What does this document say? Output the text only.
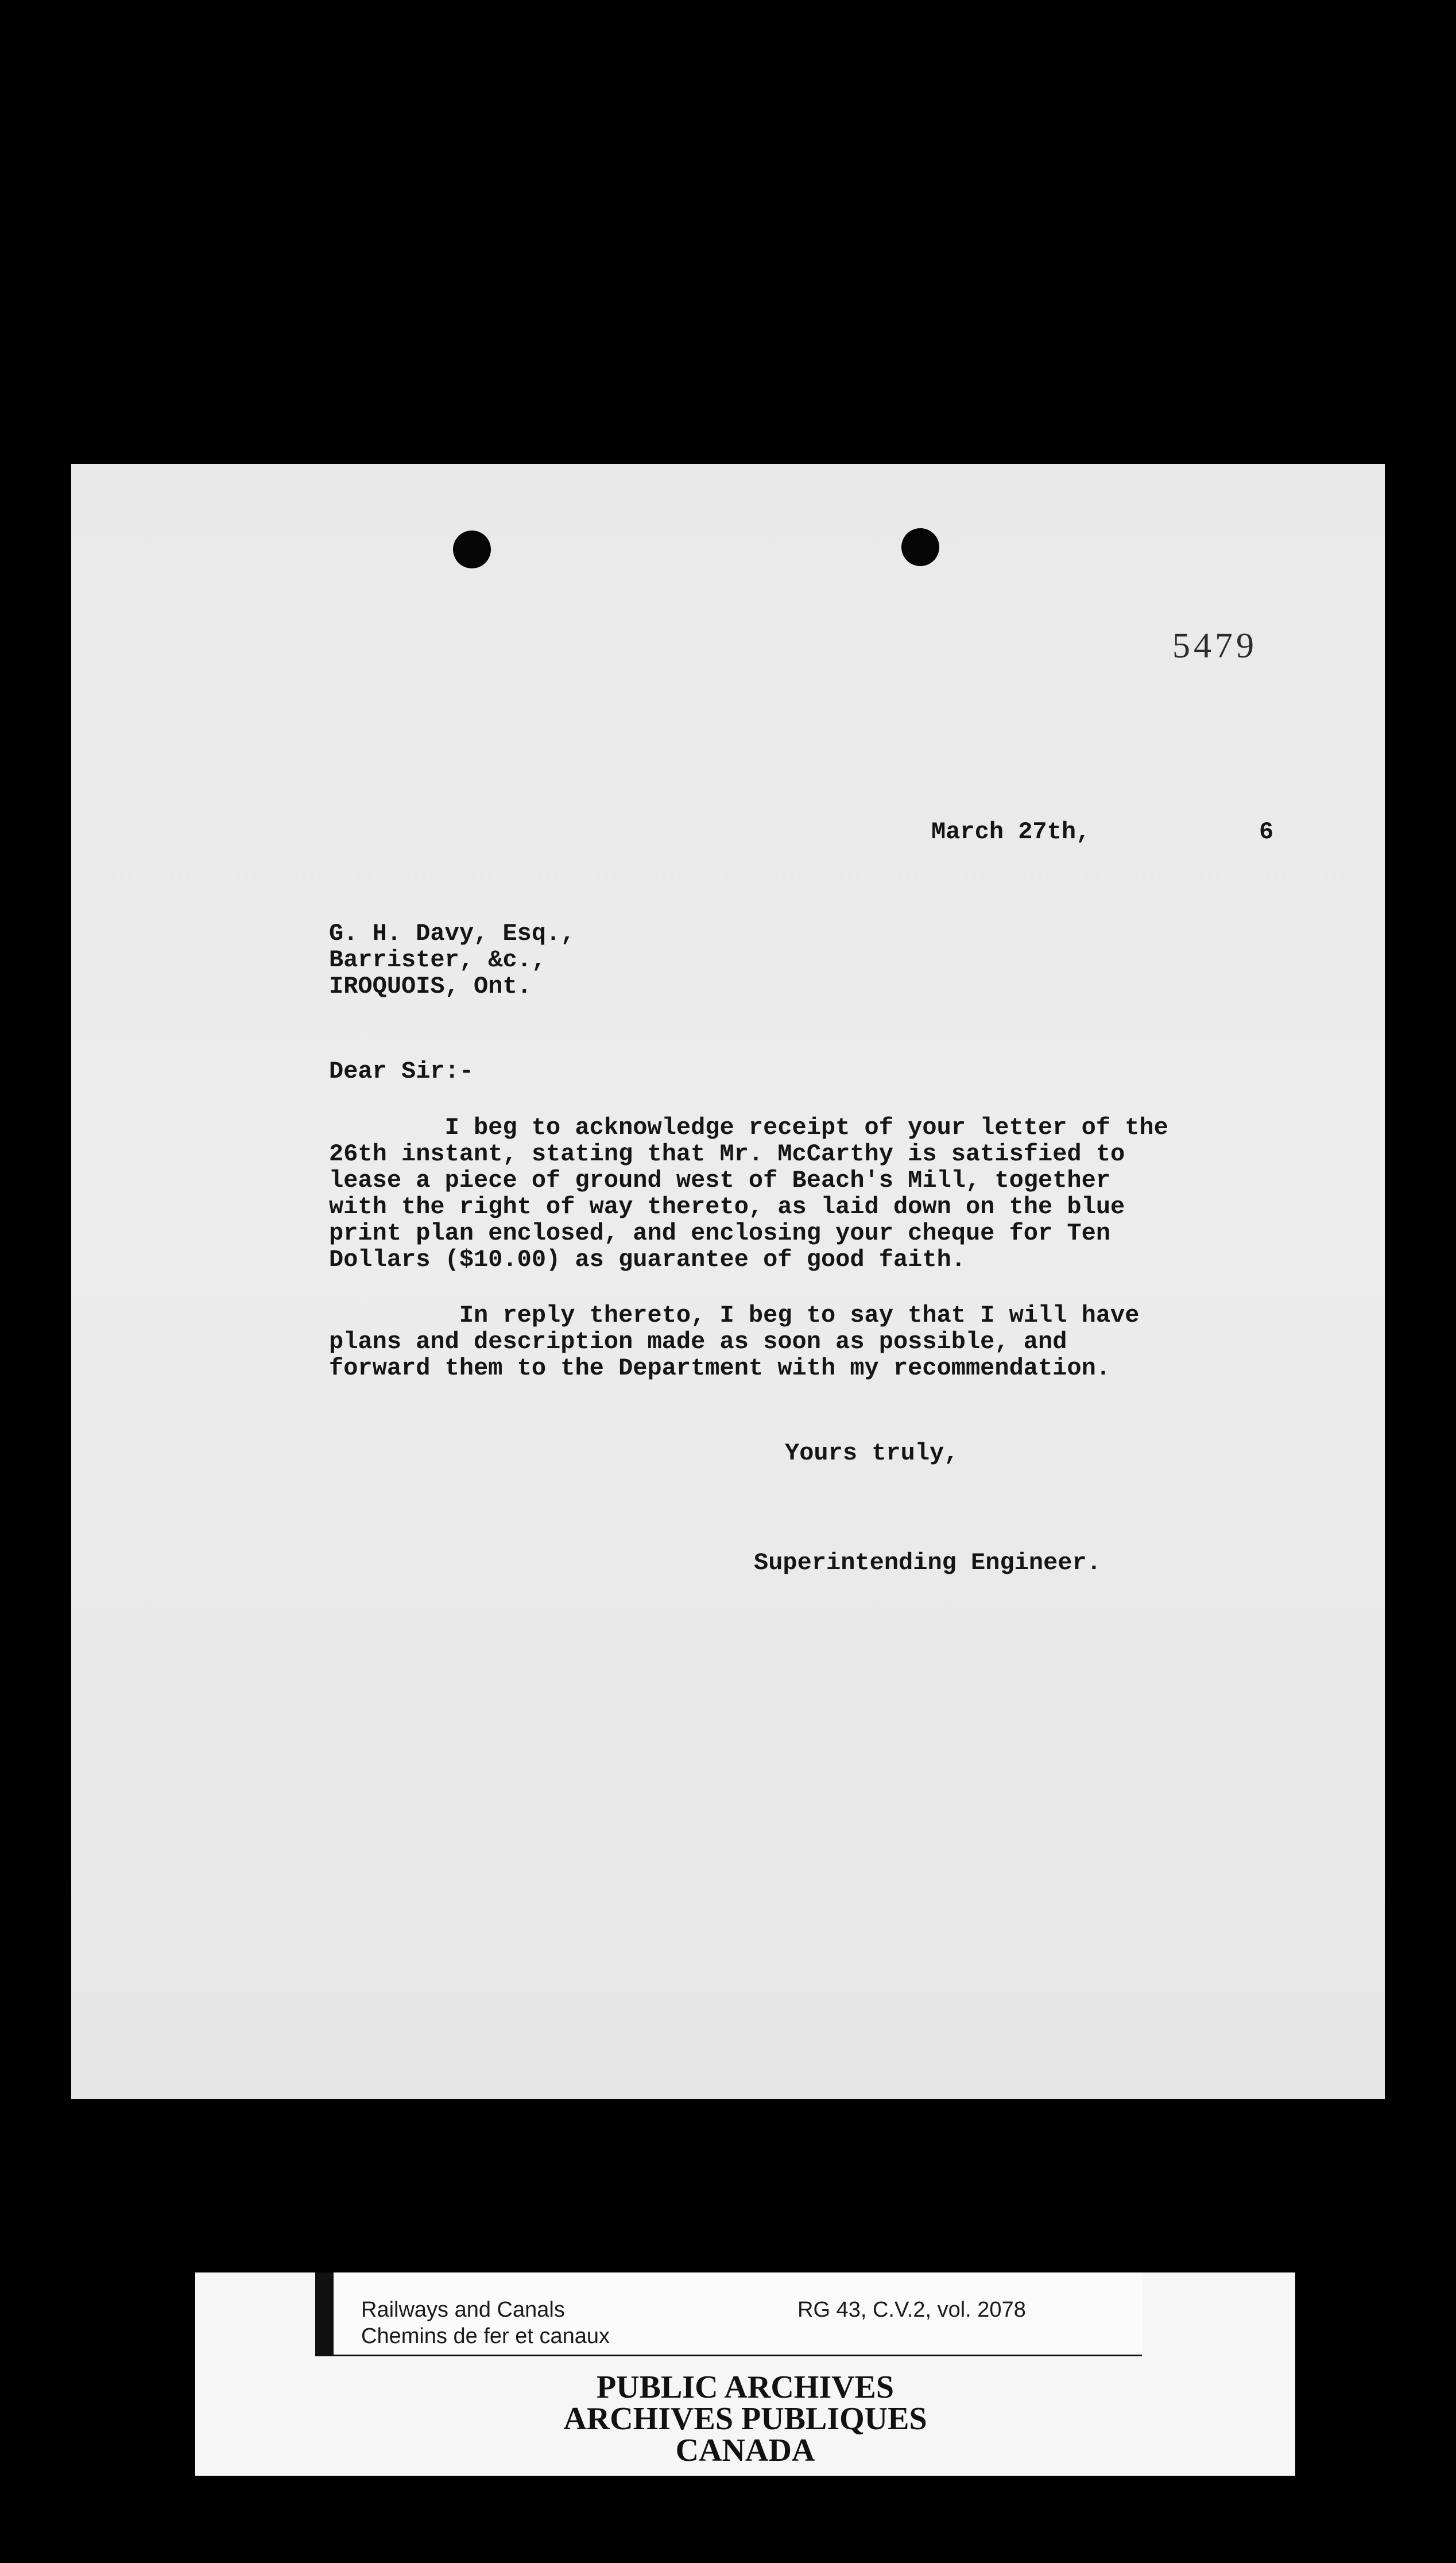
5479
March 27th,	6
G. H. Davy, Esq.,
Barrister, &c.,
IROQUOIS, Ont.
Dear Sir:-
I beg to acknowledge receipt of your letter of the
26th instant, stating that Mr. McCarthy is satisfied to
lease a piece of ground west of Beach's Mill, together
with the right of way thereto, as laid down on the blue
print plan enclosed, and enclosing your cheque for Ten
Dollars ($10.00) as guarantee of good faith.
In reply thereto, I beg to say that I will have
plans and description made as soon as possible, and
forward them to the Department with my recommendation.
Yours truly,
Superintending Engineer.
Railways and Canals
Chemins de fer et canaux
RG 43, C.V.2, vol. 2078
PUBLIC ARCHIVES
ARCHIVES PUBLIQUES
CANADA
